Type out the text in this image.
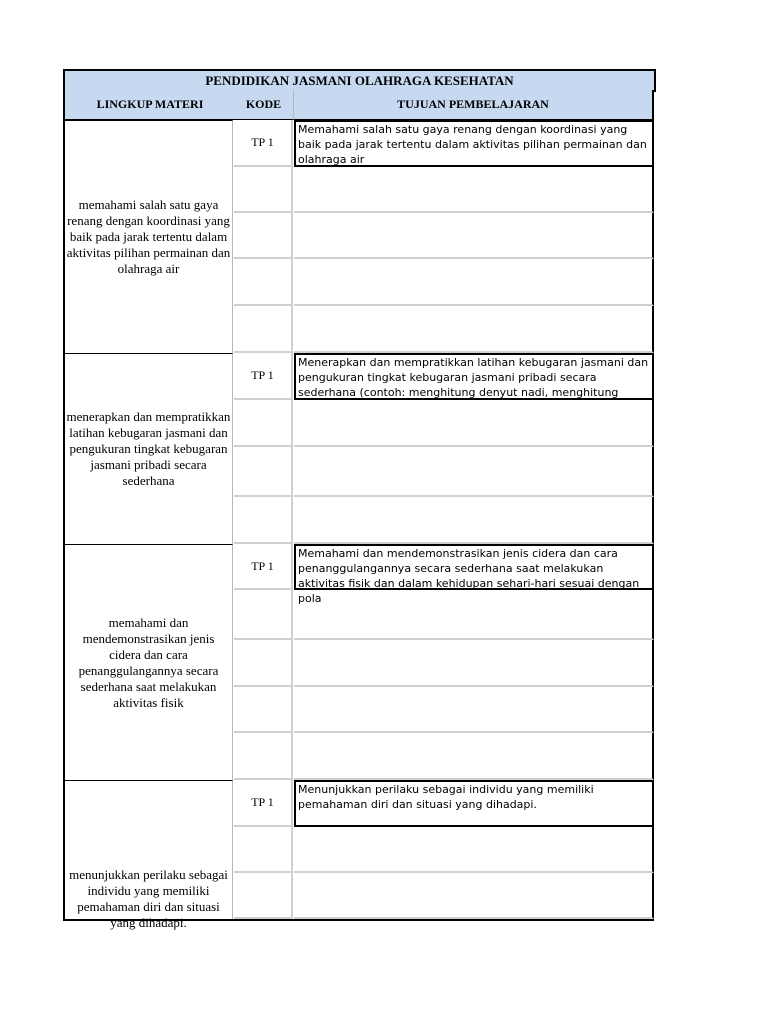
PENDIDIKAN JASMANI OLAHRAGA KESEHATAN
LINGKUP MATERI	KODE	TUJUAN PEMBELAJARAN
memahami salah satu gaya renang dengan koordinasi yang baik pada jarak tertentu dalam aktivitas pilihan permainan dan olahraga air
TP 1
Memahami salah satu gaya renang dengan koordinasi yang baik pada jarak tertentu dalam aktivitas pilihan permainan dan olahraga air
menerapkan dan mempratikkan latihan kebugaran jasmani dan pengukuran tingkat kebugaran jasmani pribadi secara sederhana
TP 1
Menerapkan dan mempratikkan latihan kebugaran jasmani dan pengukuran tingkat kebugaran jasmani pribadi secara sederhana (contoh: menghitung denyut nadi, menghitung
memahami dan mendemonstrasikan jenis cidera dan cara penanggulangannya secara sederhana saat melakukan aktivitas fisik
TP 1
Memahami dan mendemonstrasikan jenis cidera dan cara penanggulangannya secara sederhana saat melakukan aktivitas fisik dan dalam kehidupan sehari-hari sesuai dengan pola
menunjukkan perilaku sebagai individu yang memiliki pemahaman diri dan situasi yang dihadapi.
TP 1
Menunjukkan perilaku sebagai individu yang memiliki pemahaman diri dan situasi yang dihadapi.
